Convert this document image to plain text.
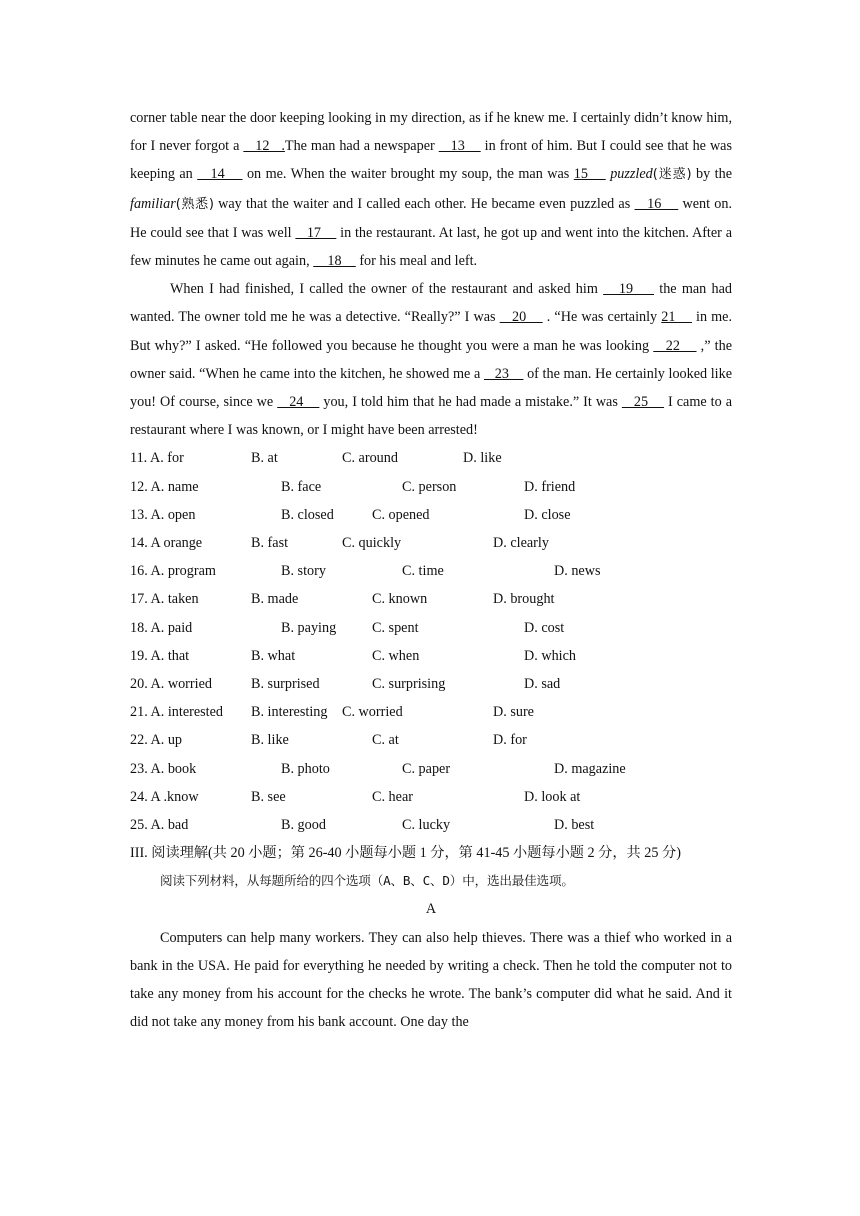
corner table near the door keeping looking in my direction, as if he knew me. I certainly didn’t know him, for I never forgot a    12   .The man had a newspaper    13     in front of him. But I could see that he was keeping an    14     on me. When the waiter brought my soup, the man was 15     puzzled(迷惑) by the familiar(熟悉) way that the waiter and I called each other. He became even puzzled as    16     went on. He could see that I was well    17     in the restaurant. At last, he got up and went into the kitchen. After a few minutes he came out again,     18     for his meal and left.

When I had finished, I called the owner of the restaurant and asked him    19     the man had wanted. The owner told me he was a detective. “Really?” I was    20     . “He was certainly 21     in me. But why?” I asked. “He followed you because he thought you were a man he was looking    22     ,” the owner said. “When he came into the kitchen, he showed me a    23     of the man. He certainly looked like you! Of course, since we    24     you, I told him that he had made a mistake.” It was    25     I came to a restaurant where I was known, or I might have been arrested!

11. A. for	B. at	C. around	D. like
12. A. name	B. face	C. person	D. friend
13. A. open	B. closed	C. opened	D. close
14. A orange	B. fast	C. quickly	D. clearly
16. A. program	B. story	C. time	D. news
17. A. taken	B. made	C. known	D. brought
18. A. paid	B. paying	C. spent	D. cost
19. A. that	B. what	C. when	D. which
20. A. worried	B. surprised	C. surprising	D. sad
21. A. interested B. interesting C. worried	D. sure
22. A. up	B. like	C. at	D. for
23. A. book	B. photo	C. paper	D. magazine
24. A .know	B. see	C. hear	D. look at
25. A. bad	B. good	C. lucky	D. best

III. 阅读理解(共 20 小题；第 26-40 小题每小题 1 分，第 41-45 小题每小题 2 分，共 25 分)

阅读下列材料，从每题所给的四个选项（A、B、C、D）中，选出最佳选项。

A

Computers can help many workers. They can also help thieves. There was a thief who worked in a bank in the USA. He paid for everything he needed by writing a check. Then he told the computer not to take any money from his account for the checks he wrote. The bank’s computer did what he said. And it did not take any money from his bank account. One day the
